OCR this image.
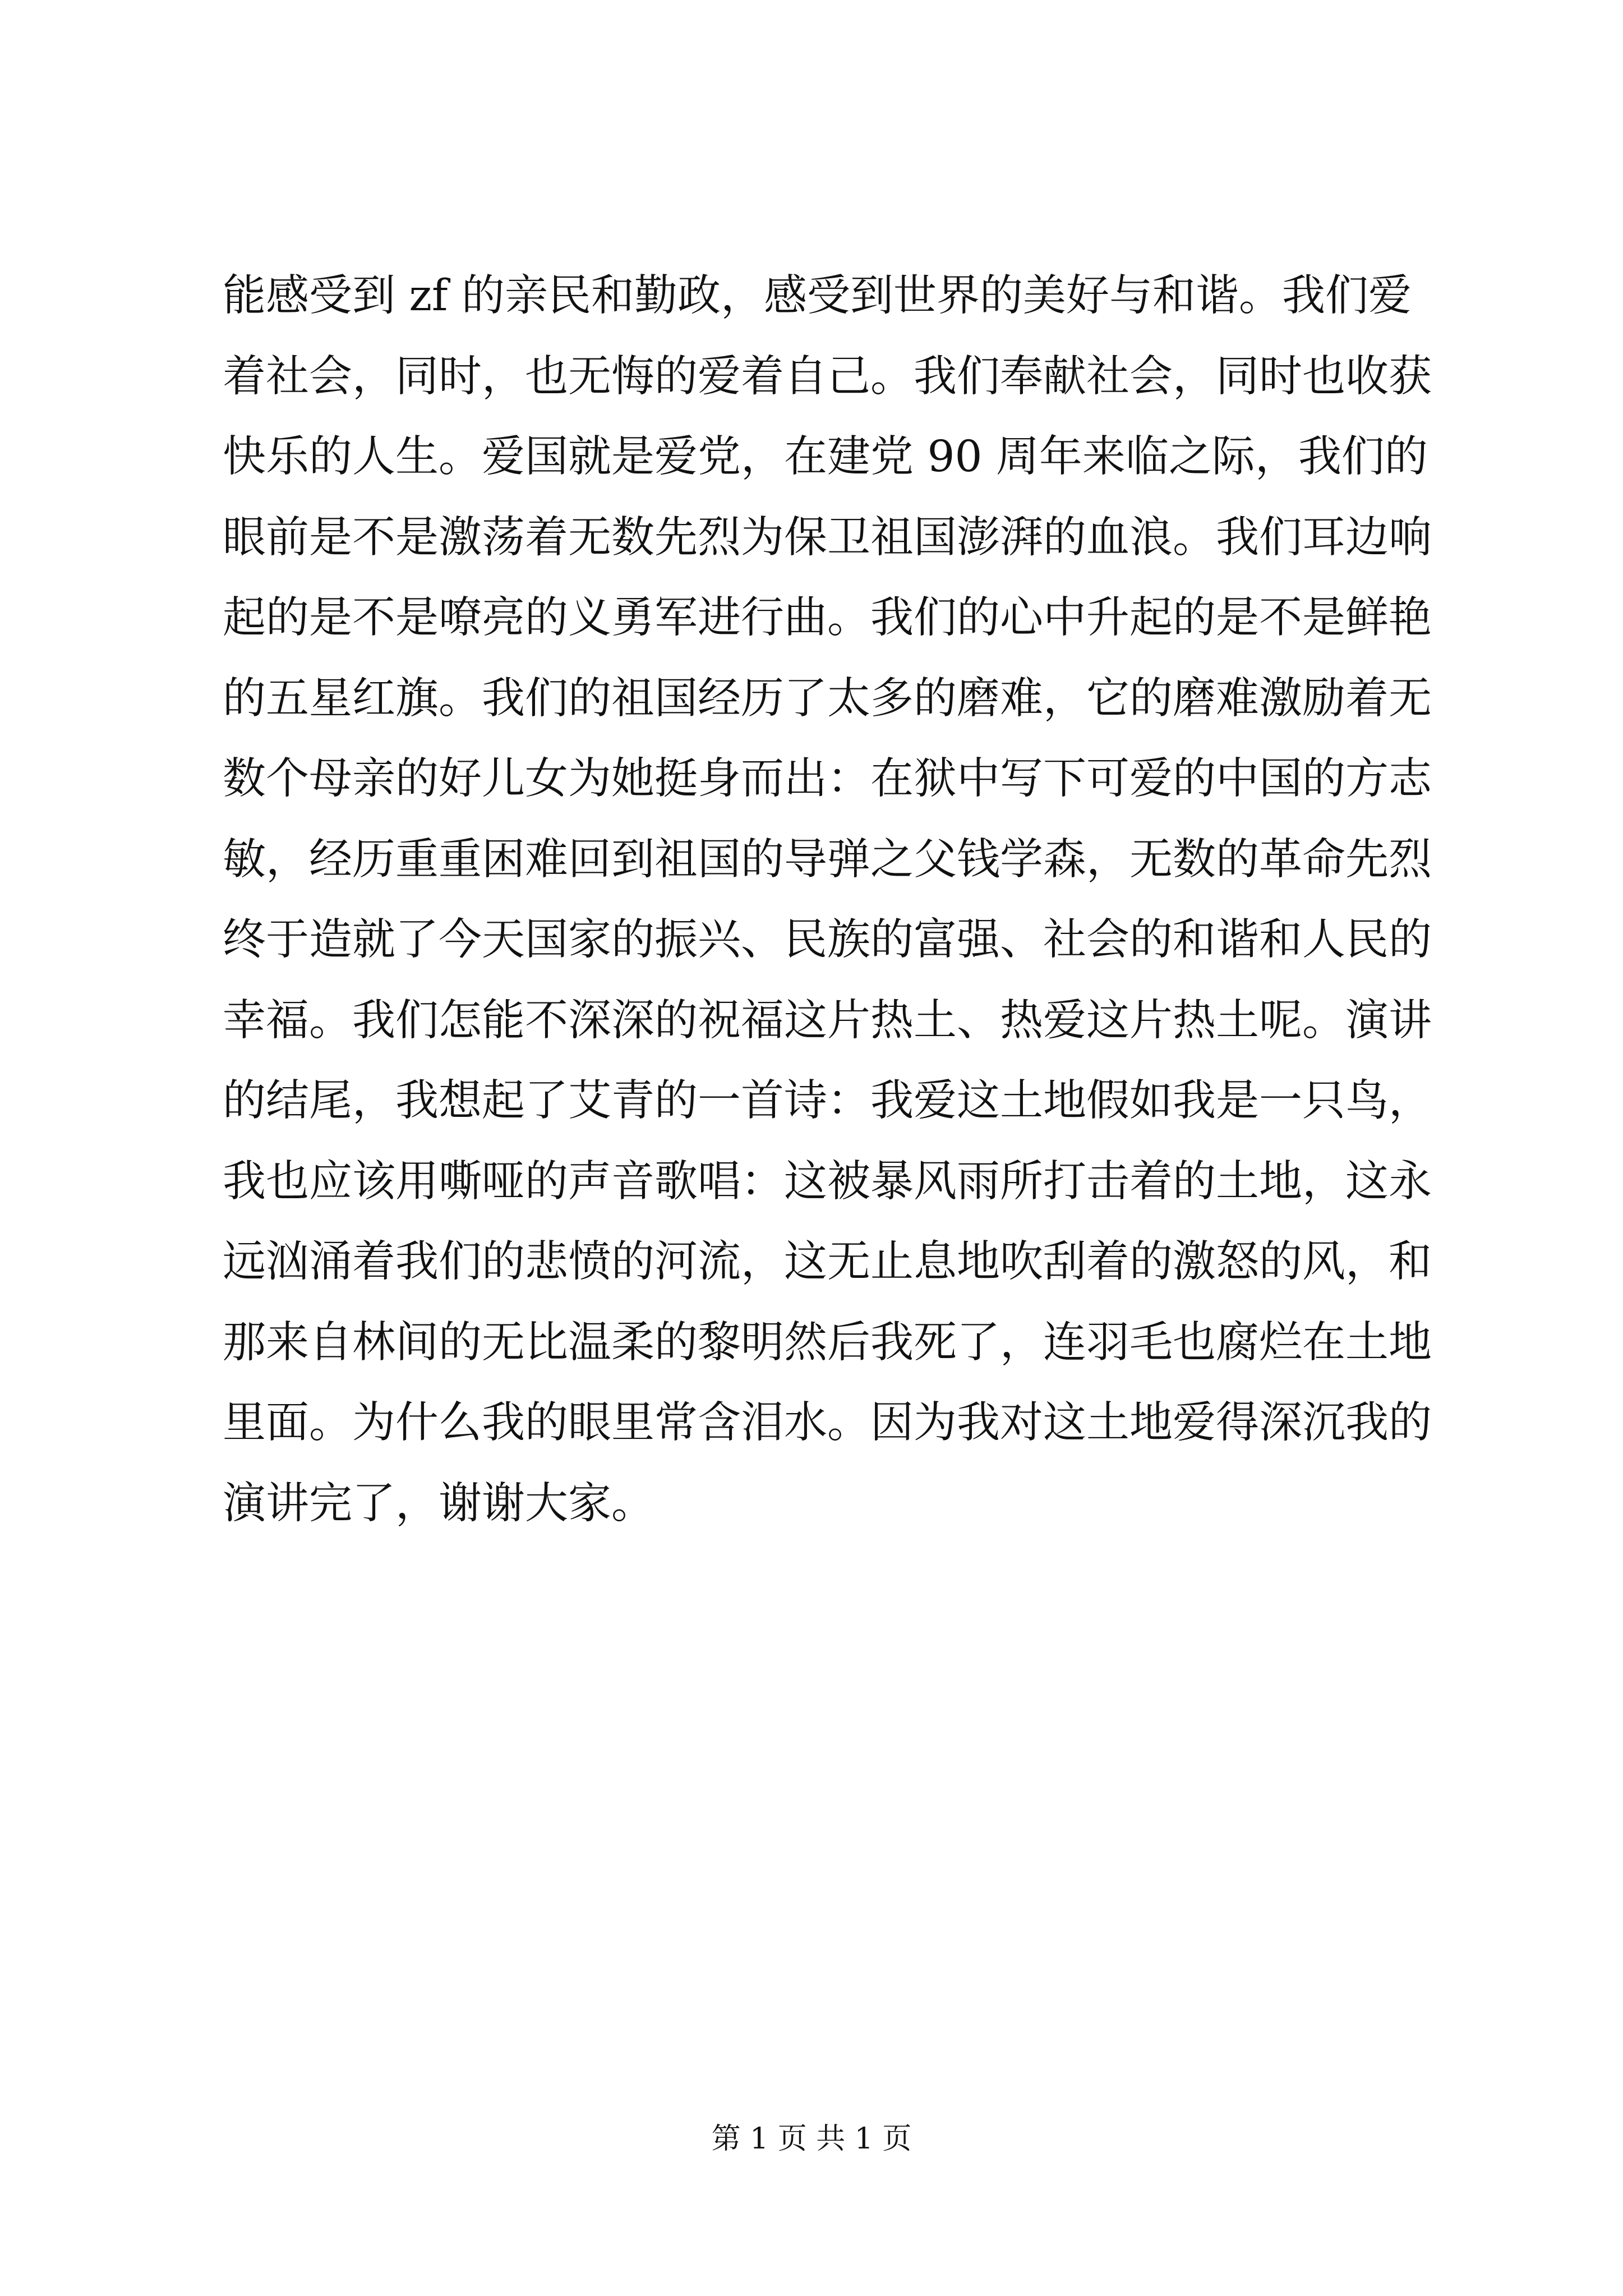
能感受到 zf 的亲民和勤政，感受到世界的美好与和谐。我们爱
着社会，同时，也无悔的爱着自己。我们奉献社会，同时也收获
快乐的人生。爱国就是爱党，在建党 90 周年来临之际，我们的
眼前是不是激荡着无数先烈为保卫祖国澎湃的血浪。我们耳边响
起的是不是嘹亮的义勇军进行曲。我们的心中升起的是不是鲜艳
的五星红旗。我们的祖国经历了太多的磨难，它的磨难激励着无
数个母亲的好儿女为她挺身而出：在狱中写下可爱的中国的方志
敏，经历重重困难回到祖国的导弹之父钱学森，无数的革命先烈
终于造就了今天国家的振兴、民族的富强、社会的和谐和人民的
幸福。我们怎能不深深的祝福这片热土、热爱这片热土呢。演讲
的结尾，我想起了艾青的一首诗：我爱这土地假如我是一只鸟，
我也应该用嘶哑的声音歌唱：这被暴风雨所打击着的土地，这永
远汹涌着我们的悲愤的河流，这无止息地吹刮着的激怒的风，和
那来自林间的无比温柔的黎明然后我死了，连羽毛也腐烂在土地
里面。为什么我的眼里常含泪水。因为我对这土地爱得深沉我的
演讲完了，谢谢大家。
第 1 页 共 1 页
